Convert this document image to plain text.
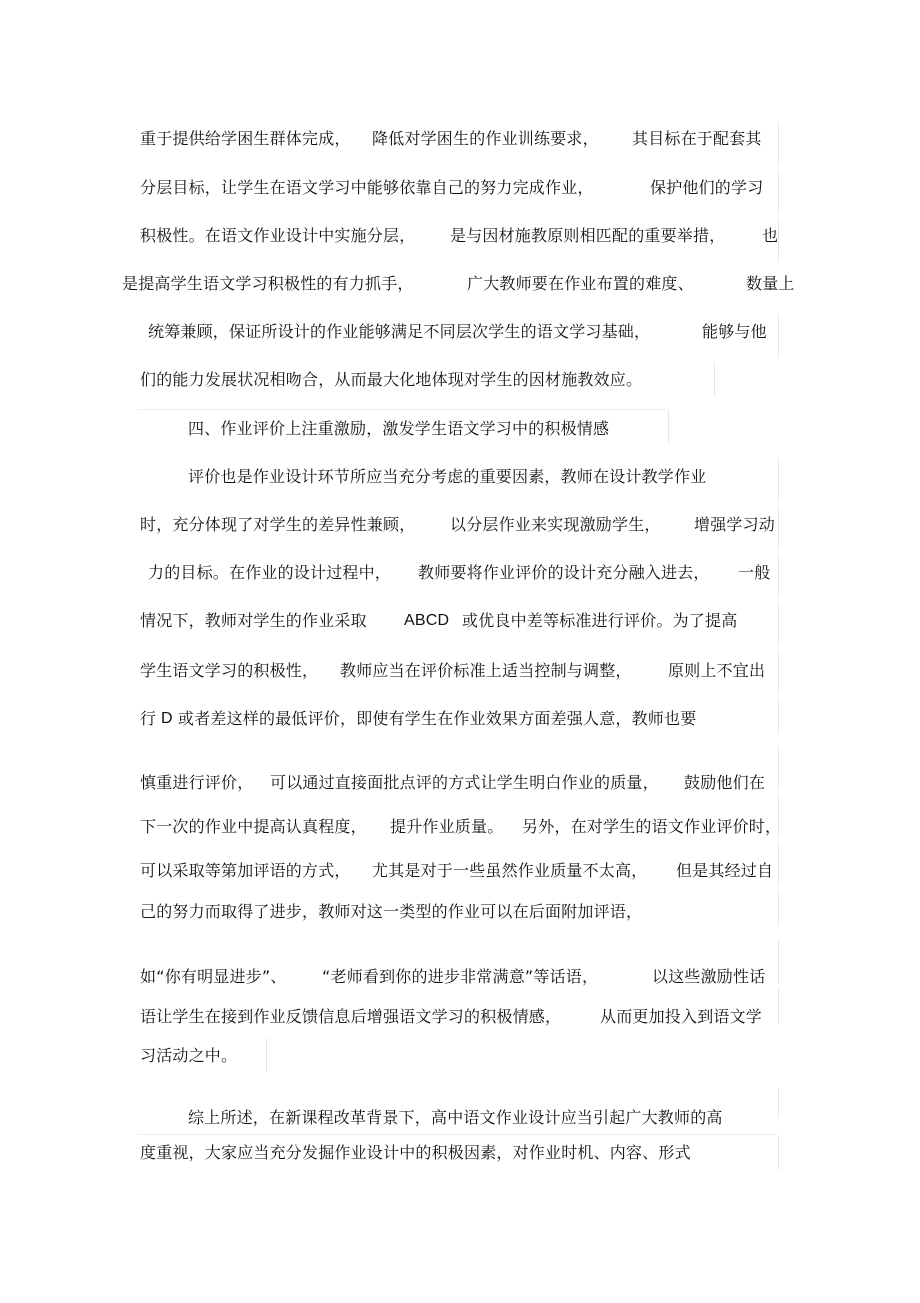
重于提供给学困生群体完成，

降低对学困生的作业训练要求，

其目标在于配套其

分层目标，让学生在语文学习中能够依靠自己的努力完成作业，

	保护他们的学习

积极性。在语文作业设计中实施分层，

是与因材施教原则相匹配的重要举措，

也

是提高学生语文学习积极性的有力抓手，

	广大教师要在作业布置的难度、

	数量上

统筹兼顾，保证所设计的作业能够满足不同层次学生的语文学习基础，

	能够与他

们的能力发展状况相吻合，从而最大化地体现对学生的因材施教效应。

四、作业评价上注重激励，激发学生语文学习中的积极情感

评价也是作业设计环节所应当充分考虑的重要因素，教师在设计教学作业

时，充分体现了对学生的差异性兼顾，

以分层作业来实现激励学生，

增强学习动

力的目标。在作业的设计过程中，

教师要将作业评价的设计充分融入进去，

一般

情况下，教师对学生的作业采取

ABCD

或优良中差等标准进行评价。为了提高

学生语文学习的积极性，

教师应当在评价标准上适当控制与调整，

原则上不宜出

行

D

或者差这样的最低评价，即使有学生在作业效果方面差强人意，教师也要

慎重进行评价，

可以通过直接面批点评的方式让学生明白作业的质量，

鼓励他们在

下一次的作业中提高认真程度，

提升作业质量。

另外，在对学生的语文作业评价时，

可以采取等第加评语的方式，

尤其是对于一些虽然作业质量不太高，

但是其经过自

己的努力而取得了进步，教师对这一类型的作业可以在后面附加评语，

如“你有明显进步”、

“老师看到你的进步非常满意”等话语，

	以这些激励性话

语让学生在接到作业反馈信息后增强语文学习的积极情感，

从而更加投入到语文学

习活动之中。

综上所述，在新课程改革背景下，高中语文作业设计应当引起广大教师的高

度重视，大家应当充分发掘作业设计中的积极因素，对作业时机、内容、形式
